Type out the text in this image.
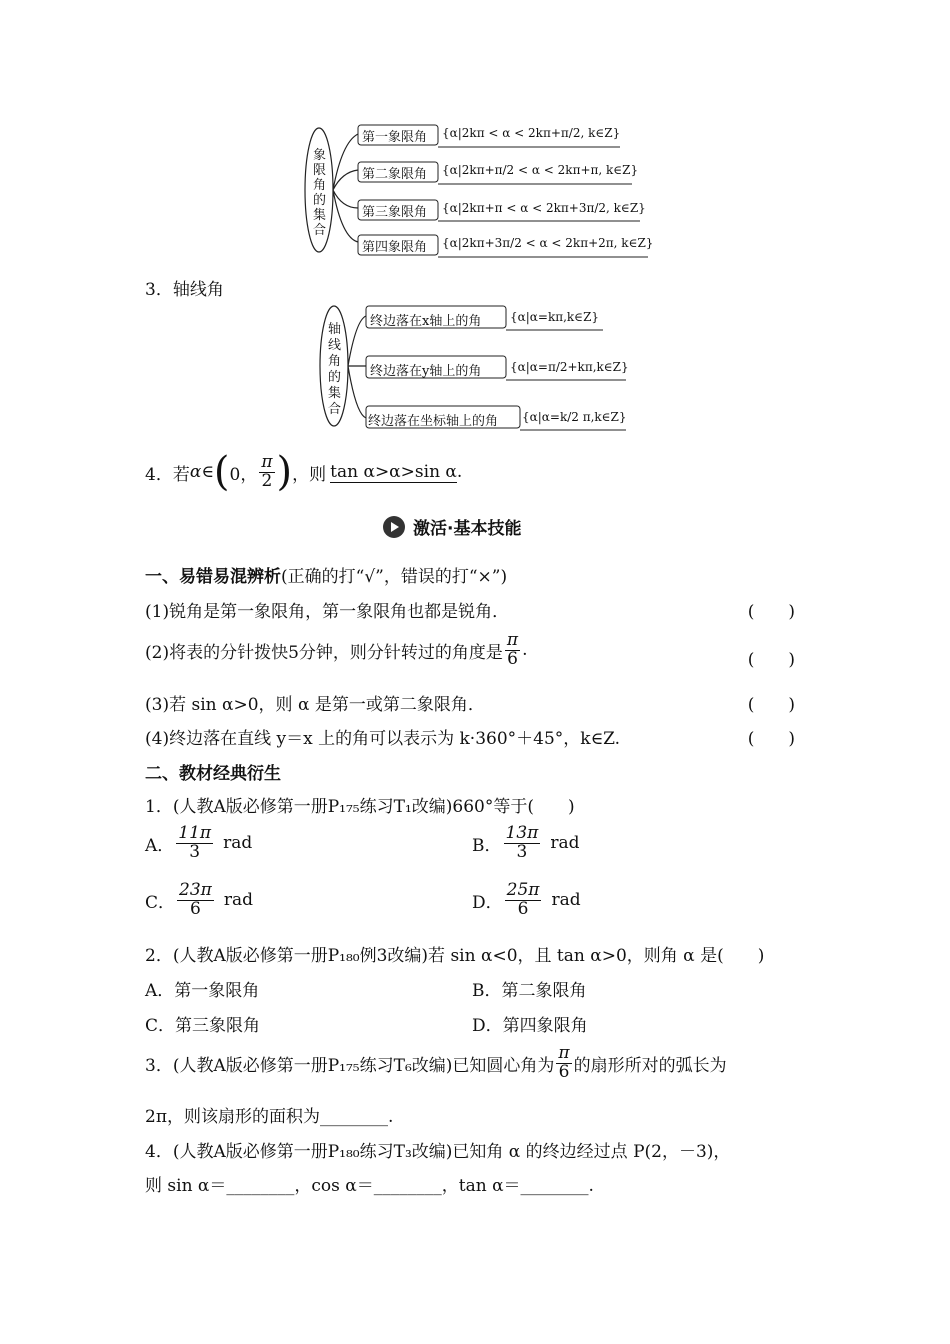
象限角的集合
第一象限角
第二象限角
第三象限角
第四象限角
{α|2kπ < α < 2kπ+π/2, k∈Z}
{α|2kπ+π/2 < α < 2kπ+π, k∈Z}
{α|2kπ+π < α < 2kπ+3π/2, k∈Z}
{α|2kπ+3π/2 < α < 2kπ+2π, k∈Z}
3．轴线角
轴线角的集合
终边落在x轴上的角
终边落在y轴上的角
终边落在坐标轴上的角
{α|α=kπ,k∈Z}
{α|α=π/2+kπ,k∈Z}
{α|α=k/2 π,k∈Z}
4．若 α ∈ ( 0， $\frac{\pi}{2}$ ) ，则 tan α>α>sin α .
激活·基本技能
一、易错易混辨析(正确的打“√”，错误的打“×”)
(1)锐角是第一象限角，第一象限角也都是锐角．	(　　)
(2)将表的分针拨快5分钟，则分针转过的角度是 $\frac{\pi}{6}$ .	(　　)
(3)若 sin α>0，则 α 是第一或第二象限角．	(　　)
(4)终边落在直线 y＝x 上的角可以表示为 k·360°＋45°，k∈Z.	(　　)
二、教材经典衍生
1．(人教A版必修第一册P₁₇₅练习T₁改编)660°等于(　　)
A． $\frac{11\pi}{3}$ rad	B． $\frac{13\pi}{3}$ rad
C． $\frac{23\pi}{6}$ rad	D． $\frac{25\pi}{6}$ rad
2．(人教A版必修第一册P₁₈₀例3改编)若 sin α<0，且 tan α>0，则角 α 是(　　)
A．第一象限角	B．第二象限角
C．第三象限角	D．第四象限角
3．(人教A版必修第一册P₁₇₅练习T₆改编)已知圆心角为 $\frac{\pi}{6}$ 的扇形所对的弧长为
2π，则该扇形的面积为________.
4．(人教A版必修第一册P₁₈₀练习T₃改编)已知角 α 的终边经过点 P(2，－3)，
则 sin α＝________，cos α＝________，tan α＝________.
